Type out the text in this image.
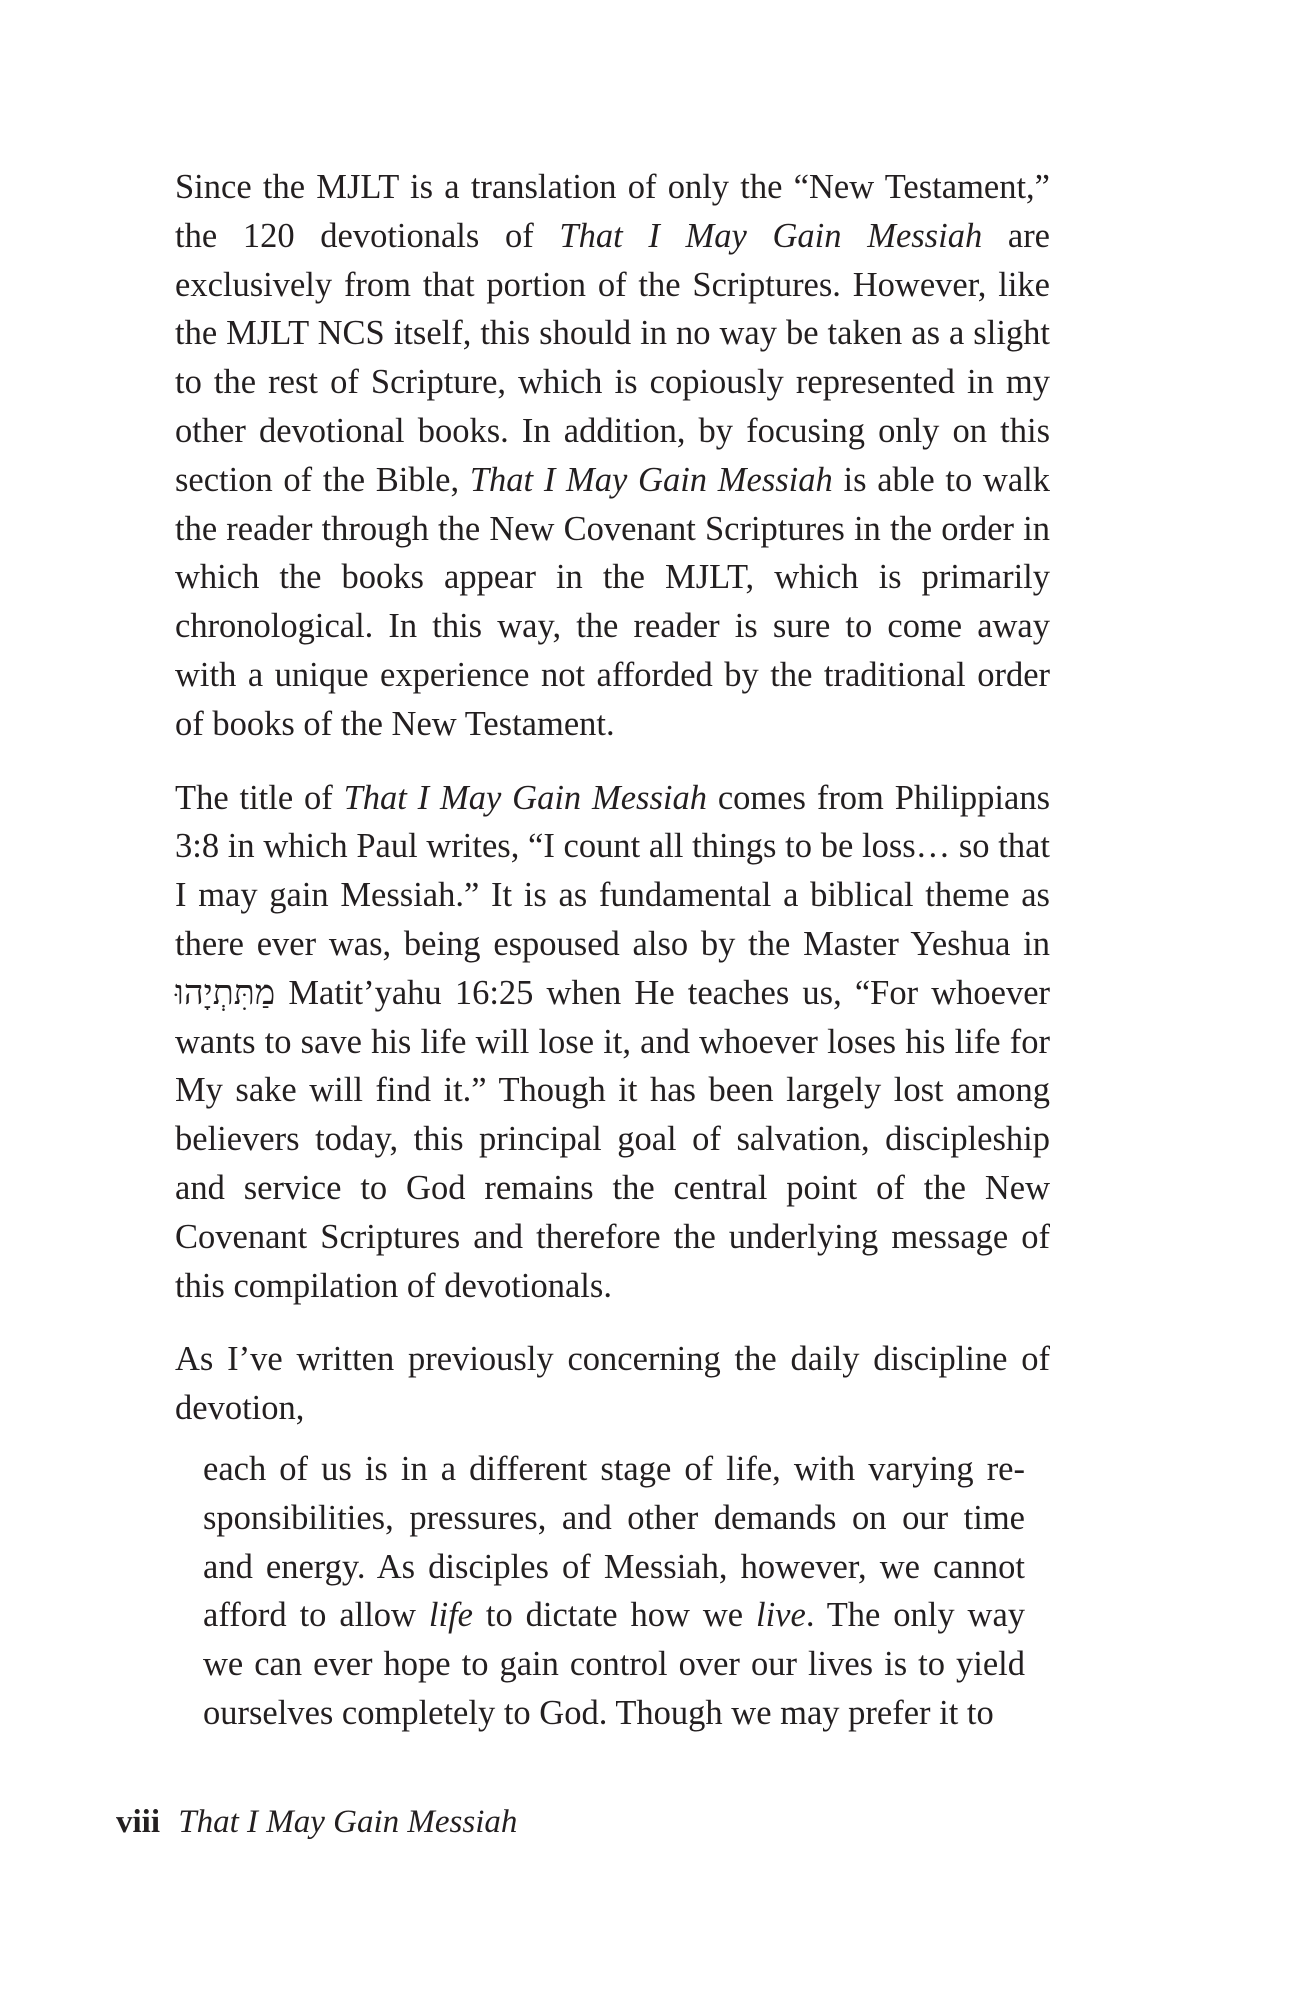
Since the MJLT is a translation of only the “New Testament,” the 120 devotionals of That I May Gain Messiah are exclusively from that portion of the Scriptures. However, like the MJLT NCS itself, this should in no way be taken as a slight to the rest of Scripture, which is copiously represented in my other devotional books. In addition, by focusing only on this section of the Bible, That I May Gain Messiah is able to walk the reader through the New Covenant Scriptures in the order in which the books appear in the MJLT, which is primarily chronological. In this way, the reader is sure to come away with a unique experience not afforded by the traditional order of books of the New Testament.

The title of That I May Gain Messiah comes from Philippians 3:8 in which Paul writes, “I count all things to be loss… so that I may gain Messiah.” It is as fundamental a biblical theme as there ever was, being espoused also by the Master Yeshua in מַתִּתְיָהוּ Matit’yahu 16:25 when He teaches us, “For whoever wants to save his life will lose it, and whoever loses his life for My sake will find it.” Though it has been largely lost among believers today, this principal goal of salvation, discipleship and service to God remains the central point of the New Covenant Scriptures and therefore the underlying message of this compilation of devotionals.

As I’ve written previously concerning the daily discipline of devotion,

each of us is in a different stage of life, with varying responsibilities, pressures, and other demands on our time and energy. As disciples of Messiah, however, we cannot afford to allow life to dictate how we live. The only way we can ever hope to gain control over our lives is to yield ourselves completely to God. Though we may prefer it to

viii That I May Gain Messiah
